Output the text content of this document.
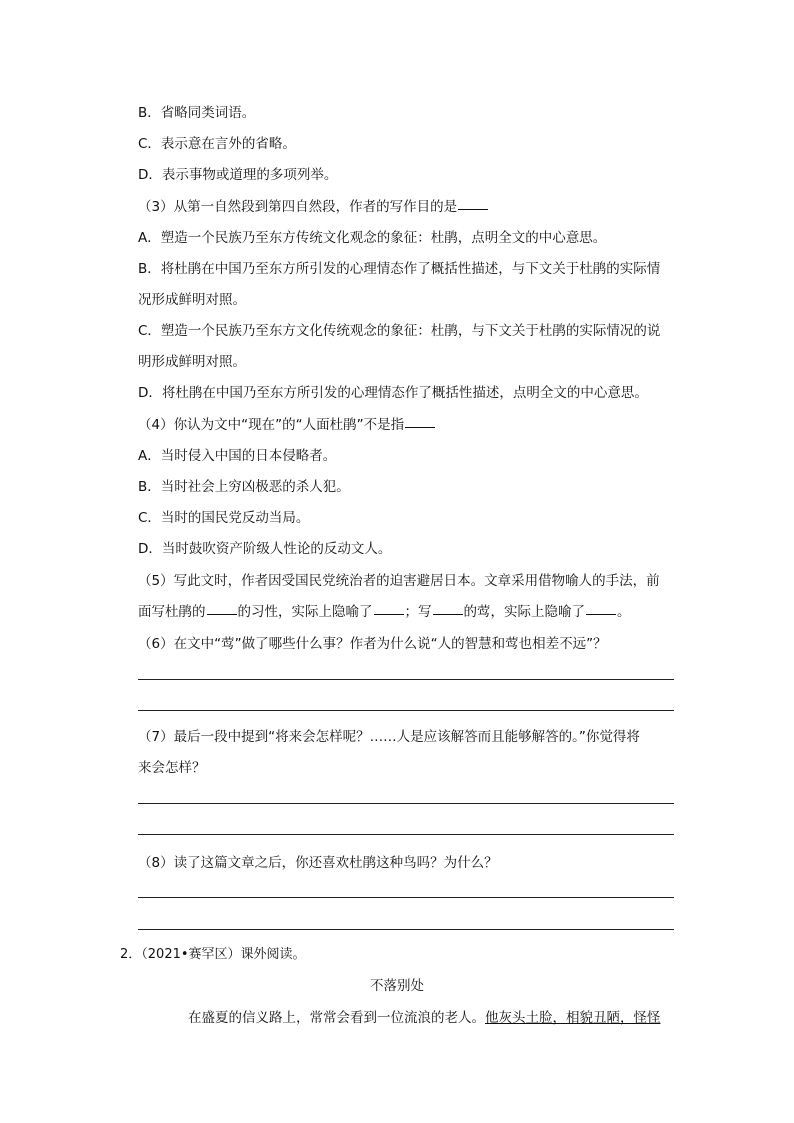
B．省略同类词语。
C．表示意在言外的省略。
D．表示事物或道理的多项列举。
（3）从第一自然段到第四自然段，作者的写作目的是
A．塑造一个民族乃至东方传统文化观念的象征：杜鹃，点明全文的中心意思。
B．将杜鹃在中国乃至东方所引发的心理情态作了概括性描述，与下文关于杜鹃的实际情
况形成鲜明对照。
C．塑造一个民族乃至东方文化传统观念的象征：杜鹃，与下文关于杜鹃的实际情况的说
明形成鲜明对照。
D．将杜鹃在中国乃至东方所引发的心理情态作了概括性描述，点明全文的中心意思。
（4）你认为文中“现在”的“人面杜鹃”不是指
A．当时侵入中国的日本侵略者。
B．当时社会上穷凶极恶的杀人犯。
C．当时的国民党反动当局。
D．当时鼓吹资产阶级人性论的反动文人。
（5）写此文时，作者因受国民党统治者的迫害避居日本。文章采用借物喻人的手法，前
面写杜鹃的 的习性，实际上隐喻了 ；写 的莺，实际上隐喻了 。
（6）在文中“莺”做了哪些什么事？作者为什么说“人的智慧和莺也相差不远”？
（7）最后一段中提到“将来会怎样呢？……人是应该解答而且能够解答的。”你觉得将
来会怎样？
（8）读了这篇文章之后，你还喜欢杜鹃这种鸟吗？为什么？
2．（2021•赛罕区）课外阅读。
不落别处
在盛夏的信义路上，常常会看到一位流浪的老人。他灰头土脸，相貌丑陋，怪怪
